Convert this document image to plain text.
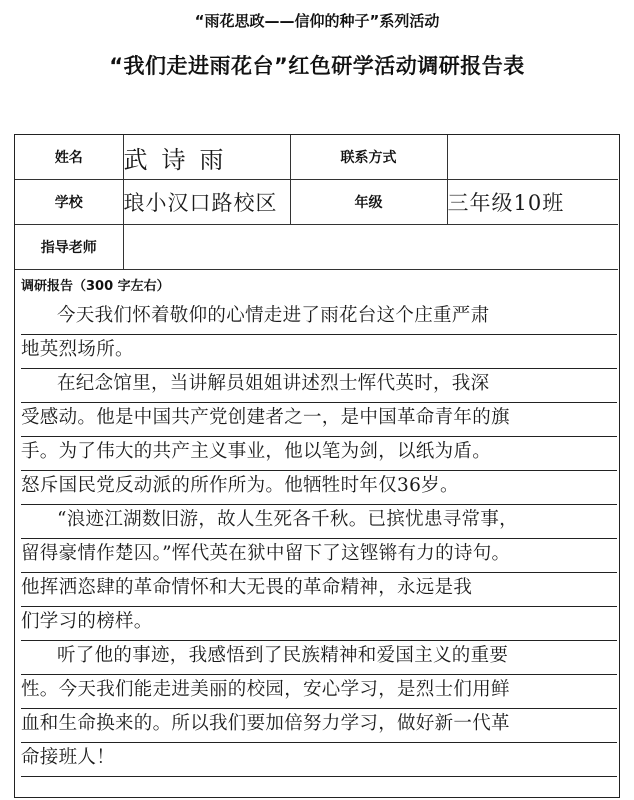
“雨花思政——信仰的种子”系列活动
“我们走进雨花台”红色研学活动调研报告表
姓名	武诗雨	联系方式	
学校	琅小汉口路校区	年级	三年级10班
指导老师			
调研报告（300 字左右）
今天我们怀着敬仰的心情走进了雨花台这个庄重严肃
地英烈场所。
在纪念馆里，当讲解员姐姐讲述烈士恽代英时，我深
受感动。他是中国共产党创建者之一，是中国革命青年的旗
手。为了伟大的共产主义事业，他以笔为剑，以纸为盾。
怒斥国民党反动派的所作所为。他牺牲时年仅36岁。
“浪迹江湖数旧游，故人生死各千秋。已摈忧患寻常事，
留得豪情作楚囚。”恽代英在狱中留下了这铿锵有力的诗句。
他挥洒恣肆的革命情怀和大无畏的革命精神，永远是我
们学习的榜样。
听了他的事迹，我感悟到了民族精神和爱国主义的重要
性。今天我们能走进美丽的校园，安心学习，是烈士们用鲜
血和生命换来的。所以我们要加倍努力学习，做好新一代革
命接班人！
